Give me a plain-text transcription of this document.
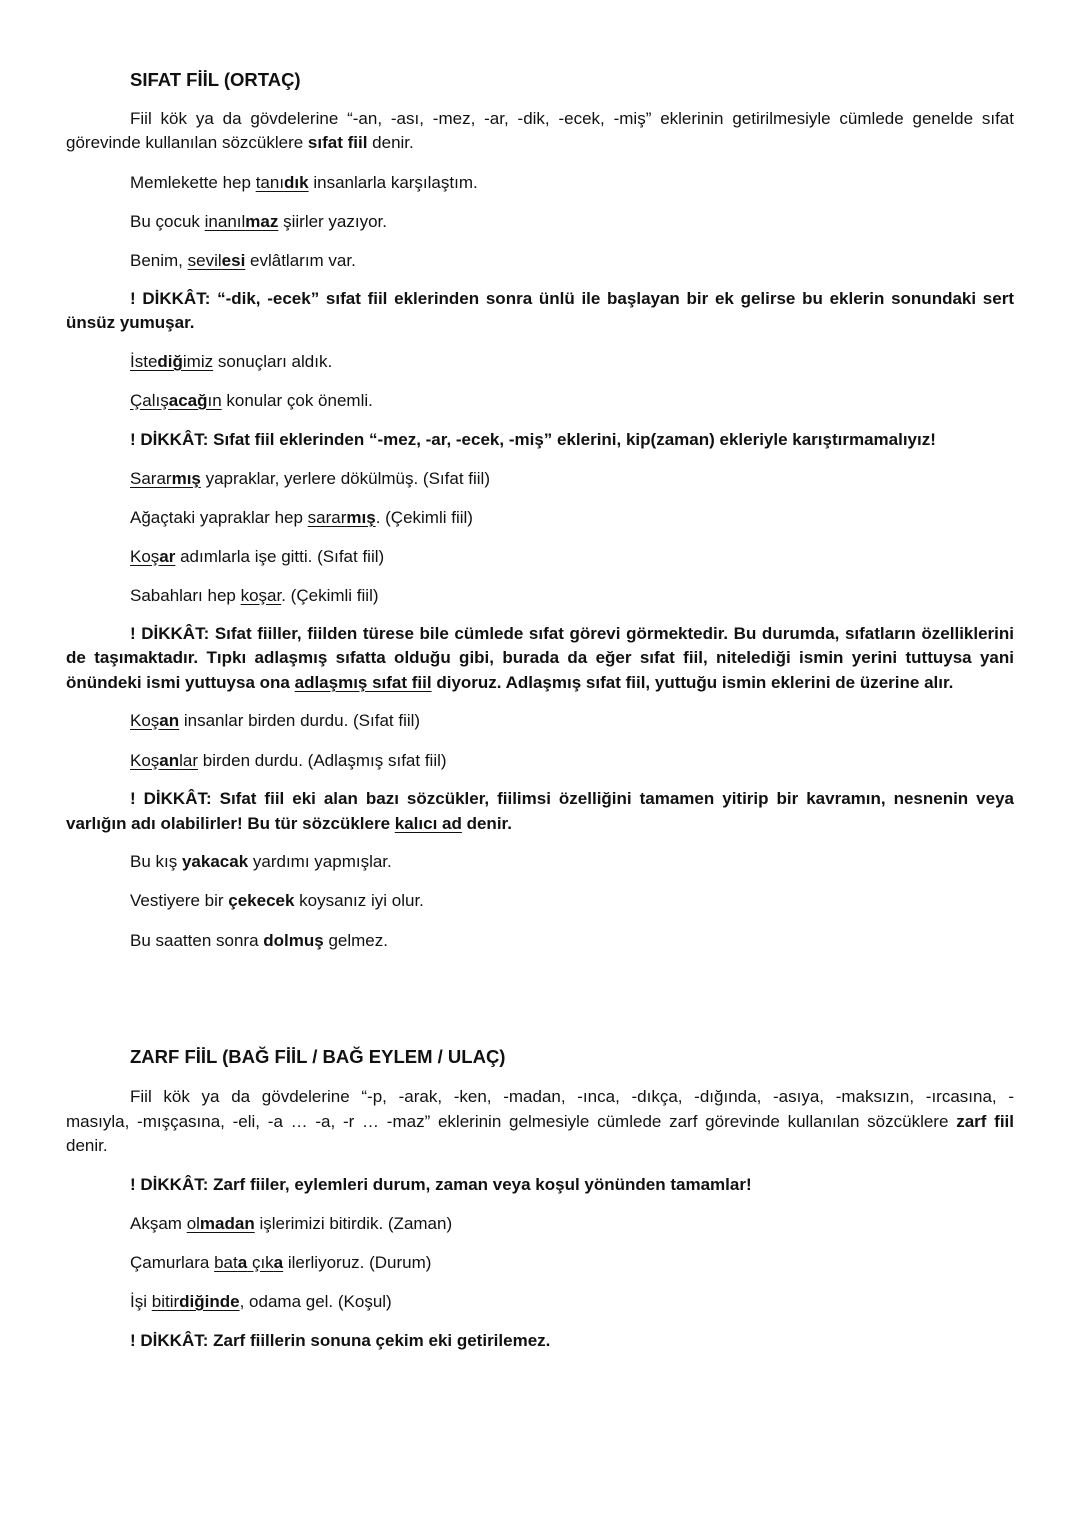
SIFAT FİİL (ORTAÇ)
Fiil kök ya da gövdelerine “-an, -ası, -mez, -ar, -dik, -ecek, -miş” eklerinin getirilmesiyle cümlede genelde sıfat
görevinde kullanılan sözcüklere sıfat fiil denir.
Memlekette hep tanıdık insanlarla karşılaştım.
Bu çocuk inanılmaz şiirler yazıyor.
Benim, sevilesi evlâtlarım var.
! DİKKÂT: “-dik, -ecek” sıfat fiil eklerinden sonra ünlü ile başlayan bir ek gelirse bu eklerin sonundaki sert
ünsüz yumuşar.
İstediğimiz sonuçları aldık.
Çalışacağın konular çok önemli.
! DİKKÂT: Sıfat fiil eklerinden “-mez, -ar, -ecek, -miş” eklerini, kip(zaman) ekleriyle karıştırmamalıyız!
Sararmış yapraklar, yerlere dökülmüş. (Sıfat fiil)
Ağaçtaki yapraklar hep sararmış. (Çekimli fiil)
Koşar adımlarla işe gitti. (Sıfat fiil)
Sabahları hep koşar. (Çekimli fiil)
! DİKKÂT: Sıfat fiiller, fiilden türese bile cümlede sıfat görevi görmektedir. Bu durumda, sıfatların özelliklerini
de taşımaktadır. Tıpkı adlaşmış sıfatta olduğu gibi, burada da eğer sıfat fiil, nitelediği ismin yerini tuttuysa yani
önündeki ismi yuttuysa ona adlaşmış sıfat fiil diyoruz. Adlaşmış sıfat fiil, yuttuğu ismin eklerini de üzerine alır.
Koşan insanlar birden durdu. (Sıfat fiil)
Koşanlar birden durdu. (Adlaşmış sıfat fiil)
! DİKKÂT: Sıfat fiil eki alan bazı sözcükler, fiilimsi özelliğini tamamen yitirip bir kavramın, nesnenin veya
varlığın adı olabilirler! Bu tür sözcüklere kalıcı ad denir.
Bu kış yakacak yardımı yapmışlar.
Vestiyere bir çekecek koysanız iyi olur.
Bu saatten sonra dolmuş gelmez.
ZARF FİİL (BAĞ FİİL / BAĞ EYLEM / ULAÇ)
Fiil kök ya da gövdelerine “-p, -arak, -ken, -madan, -ınca, -dıkça, -dığında, -asıya, -maksızın, -ırcasına, -
masıyla, -mışçasına, -eli, -a … -a, -r … -maz” eklerinin gelmesiyle cümlede zarf görevinde kullanılan sözcüklere zarf fiil
denir.
! DİKKÂT: Zarf fiiler, eylemleri durum, zaman veya koşul yönünden tamamlar!
Akşam olmadan işlerimizi bitirdik. (Zaman)
Çamurlara bata çıka ilerliyoruz. (Durum)
İşi bitirdiğinde, odama gel. (Koşul)
! DİKKÂT: Zarf fiillerin sonuna çekim eki getirilemez.
